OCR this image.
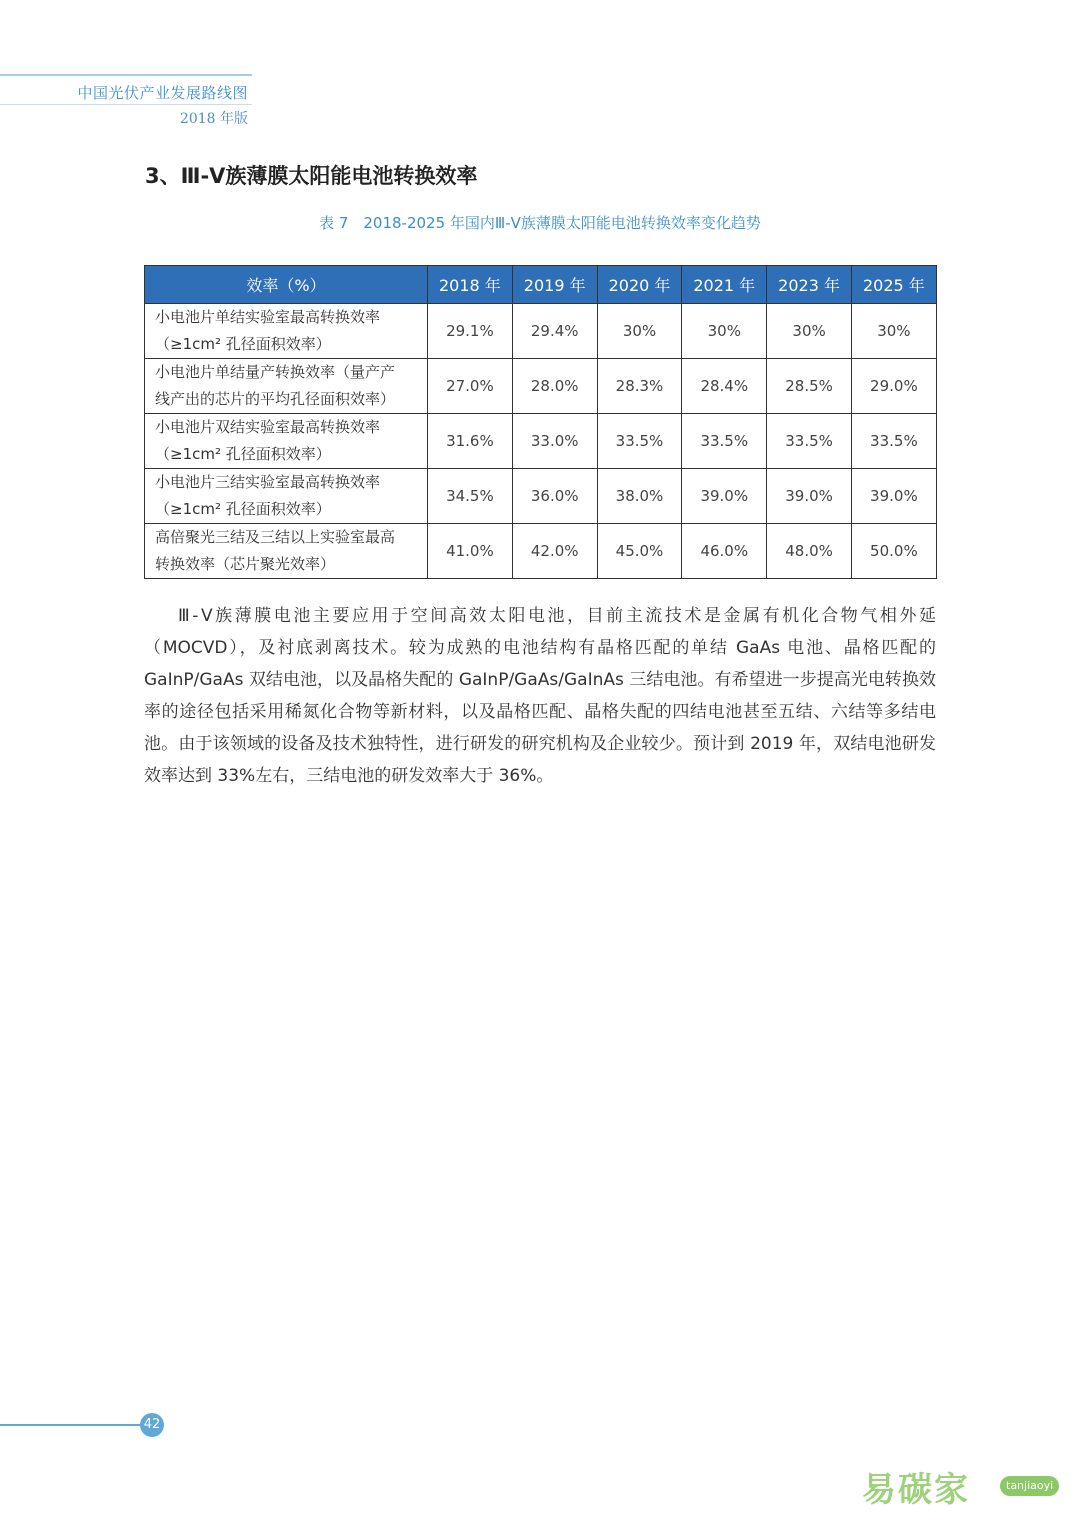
中国光伏产业发展路线图
2018 年版
3、Ⅲ-Ⅴ族薄膜太阳能电池转换效率
表 7　2018-2025 年国内Ⅲ-Ⅴ族薄膜太阳能电池转换效率变化趋势
效率（%）	2018 年	2019 年	2020 年	2021 年	2023 年	2025 年
小电池片单结实验室最高转换效率
（≥1cm² 孔径面积效率）	29.1%	29.4%	30%	30%	30%	30%
小电池片单结量产转换效率（量产产
线产出的芯片的平均孔径面积效率）	27.0%	28.0%	28.3%	28.4%	28.5%	29.0%
小电池片双结实验室最高转换效率
（≥1cm² 孔径面积效率）	31.6%	33.0%	33.5%	33.5%	33.5%	33.5%
小电池片三结实验室最高转换效率
（≥1cm² 孔径面积效率）	34.5%	36.0%	38.0%	39.0%	39.0%	39.0%
高倍聚光三结及三结以上实验室最高
转换效率（芯片聚光效率）	41.0%	42.0%	45.0%	46.0%	48.0%	50.0%

Ⅲ-Ⅴ族薄膜电池主要应用于空间高效太阳电池，目前主流技术是金属有机化合物气相外延（MOCVD），及衬底剥离技术。较为成熟的电池结构有晶格匹配的单结 GaAs 电池、晶格匹配的 GaInP/GaAs 双结电池，以及晶格失配的 GaInP/GaAs/GaInAs 三结电池。有希望进一步提高光电转换效率的途径包括采用稀氮化合物等新材料，以及晶格匹配、晶格失配的四结电池甚至五结、六结等多结电池。由于该领域的设备及技术独特性，进行研发的研究机构及企业较少。预计到 2019 年，双结电池研发效率达到 33%左右，三结电池的研发效率大于 36%。

42
易碳家	tanjiaoyi
